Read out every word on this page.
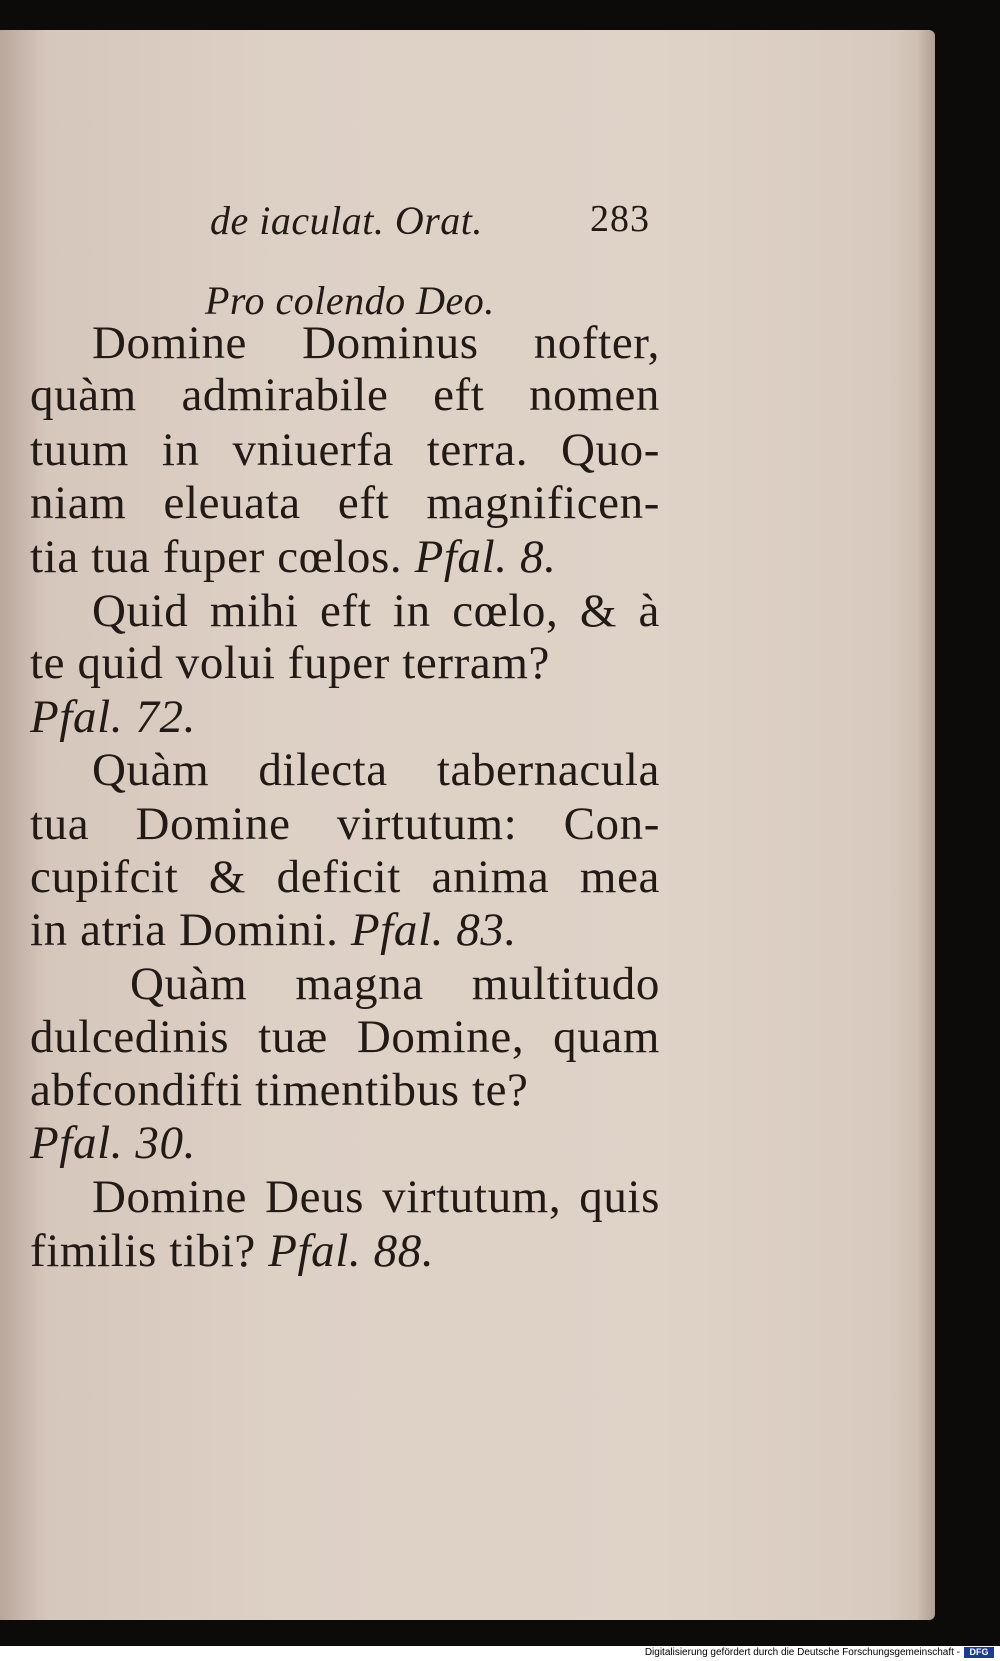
de iaculat. Orat.	283
Pro colendo Deo.
Domine Dominus nofter,
quàm admirabile eft nomen
tuum in vniuerfa terra. Quo-
niam eleuata eft magnificen-
tia tua fuper cœlos. Pfal. 8.
Quid mihi eft in cœlo, & à
te quid volui fuper terram?
Pfal. 72.
Quàm dilecta tabernacula
tua Domine virtutum: Con-
cupifcit & deficit anima mea
in atria Domini. Pfal. 83.
Quàm magna multitudo
dulcedinis tuæ Domine, quam
abfcondifti timentibus te?
Pfal. 30.
Domine Deus virtutum, quis
fimilis tibi? Pfal. 88.
Digitalisierung gefördert durch die Deutsche Forschungsgemeinschaft -	DFG
